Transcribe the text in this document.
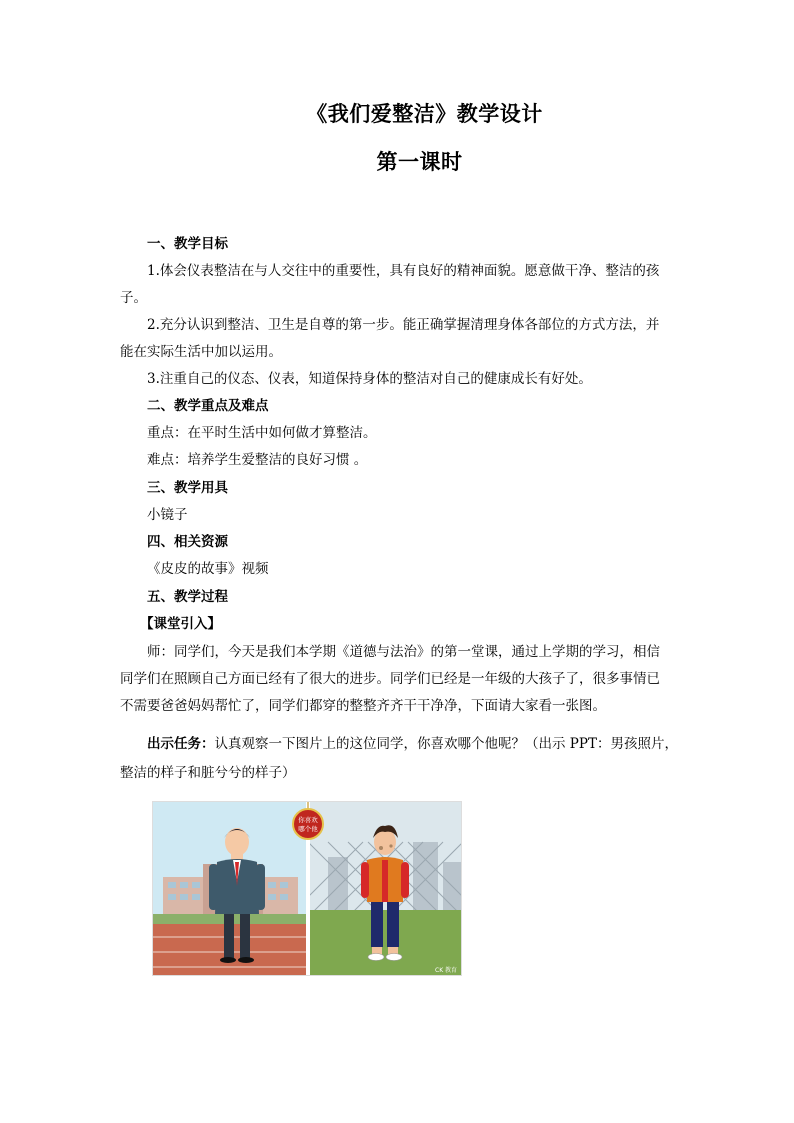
《我们爱整洁》教学设计
第一课时
一、教学目标
1.体会仪表整洁在与人交往中的重要性，具有良好的精神面貌。愿意做干净、整洁的孩
子。
2.充分认识到整洁、卫生是自尊的第一步。能正确掌握清理身体各部位的方式方法，并
能在实际生活中加以运用。
3.注重自己的仪态、仪表，知道保持身体的整洁对自己的健康成长有好处。
二、教学重点及难点
重点：在平时生活中如何做才算整洁。
难点：培养学生爱整洁的良好习惯 。
三、教学用具
小镜子
四、相关资源
《皮皮的故事》视频
五、教学过程
【课堂引入】
师：同学们，今天是我们本学期《道德与法治》的第一堂课，通过上学期的学习，相信
同学们在照顾自己方面已经有了很大的进步。同学们已经是一年级的大孩子了，很多事情已
不需要爸爸妈妈帮忙了，同学们都穿的整整齐齐干干净净，下面请大家看一张图。
出示任务：认真观察一下图片上的这位同学，你喜欢哪个他呢？（出示 PPT：男孩照片，
整洁的样子和脏兮兮的样子）
你喜欢
哪个他
CK 教育
